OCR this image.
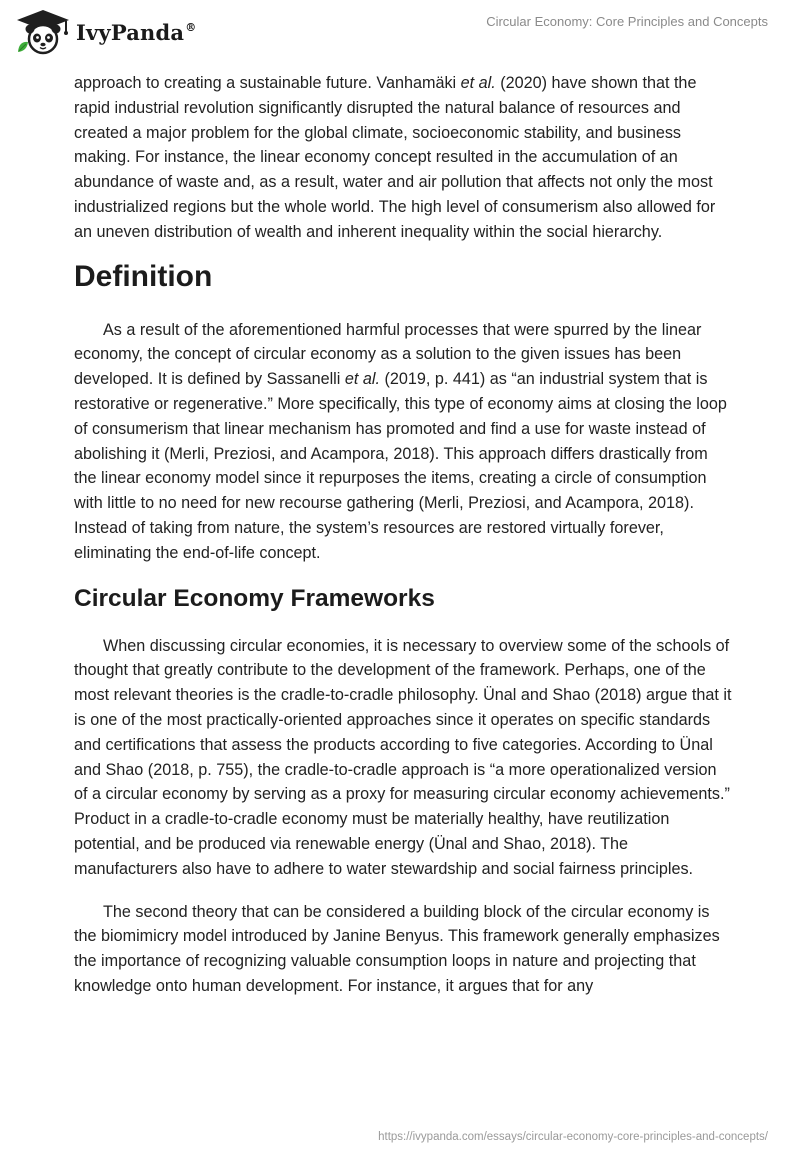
IvyPanda®	Circular Economy: Core Principles and Concepts

approach to creating a sustainable future. Vanhamäki et al. (2020) have shown that the rapid industrial revolution significantly disrupted the natural balance of resources and created a major problem for the global climate, socioeconomic stability, and business making. For instance, the linear economy concept resulted in the accumulation of an abundance of waste and, as a result, water and air pollution that affects not only the most industrialized regions but the whole world. The high level of consumerism also allowed for an uneven distribution of wealth and inherent inequality within the social hierarchy.

Definition

As a result of the aforementioned harmful processes that were spurred by the linear economy, the concept of circular economy as a solution to the given issues has been developed. It is defined by Sassanelli et al. (2019, p. 441) as “an industrial system that is restorative or regenerative.” More specifically, this type of economy aims at closing the loop of consumerism that linear mechanism has promoted and find a use for waste instead of abolishing it (Merli, Preziosi, and Acampora, 2018). This approach differs drastically from the linear economy model since it repurposes the items, creating a circle of consumption with little to no need for new recourse gathering (Merli, Preziosi, and Acampora, 2018). Instead of taking from nature, the system’s resources are restored virtually forever, eliminating the end-of-life concept.

Circular Economy Frameworks

When discussing circular economies, it is necessary to overview some of the schools of thought that greatly contribute to the development of the framework. Perhaps, one of the most relevant theories is the cradle-to-cradle philosophy. Ünal and Shao (2018) argue that it is one of the most practically-oriented approaches since it operates on specific standards and certifications that assess the products according to five categories. According to Ünal and Shao (2018, p. 755), the cradle-to-cradle approach is “a more operationalized version of a circular economy by serving as a proxy for measuring circular economy achievements.” Product in a cradle-to-cradle economy must be materially healthy, have reutilization potential, and be produced via renewable energy (Ünal and Shao, 2018). The manufacturers also have to adhere to water stewardship and social fairness principles.

The second theory that can be considered a building block of the circular economy is the biomimicry model introduced by Janine Benyus. This framework generally emphasizes the importance of recognizing valuable consumption loops in nature and projecting that knowledge onto human development. For instance, it argues that for any

https://ivypanda.com/essays/circular-economy-core-principles-and-concepts/
